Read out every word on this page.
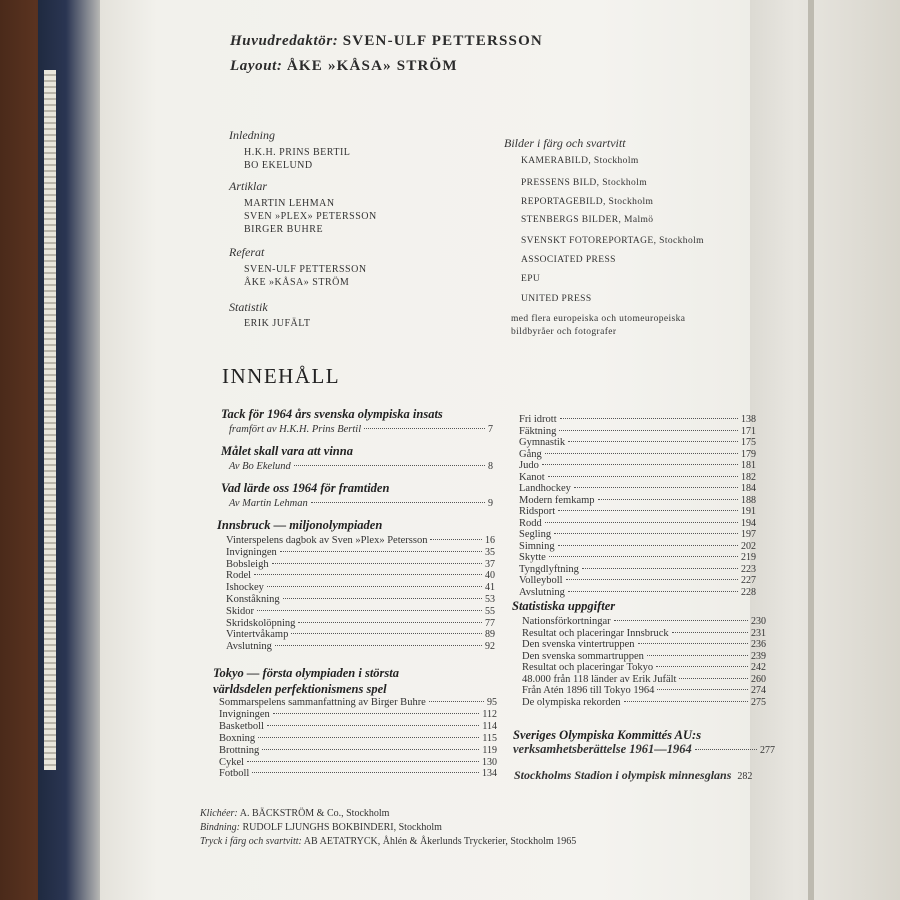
Huvudredaktör: SVEN-ULF PETTERSSON
Layout: ÅKE »KÅSA» STRÖM
Inledning
H.K.H. PRINS BERTIL
BO EKELUND
Artiklar
MARTIN LEHMAN
SVEN »PLEX» PETERSSON
BIRGER BUHRE
Referat
SVEN-ULF PETTERSSON
ÅKE »KÅSA» STRÖM
Statistik
ERIK JUFÄLT
Bilder i färg och svartvitt
KAMERABILD, Stockholm
PRESSENS BILD, Stockholm
REPORTAGEBILD, Stockholm
STENBERGS BILDER, Malmö
SVENSKT FOTOREPORTAGE, Stockholm
ASSOCIATED PRESS
EPU
UNITED PRESS
med flera europeiska och utomeuropeiska
bildbyråer och fotografer
INNEHÅLL
Tack för 1964 års svenska olympiska insats
framfört av H.K.H. Prins Bertil	7
Målet skall vara att vinna
Av Bo Ekelund	8
Vad lärde oss 1964 för framtiden
Av Martin Lehman	9
Innsbruck — miljonolympiaden
Vinterspelens dagbok av Sven »Plex» Petersson	16
Invigningen	35
Bobsleigh	37
Rodel	40
Ishockey	41
Konståkning	53
Skidor	55
Skridskolöpning	77
Vintertvåkamp	89
Avslutning	92
Tokyo — första olympiaden i största
världsdelen perfektionismens spel
Sommarspelens sammanfattning av Birger Buhre	95
Invigningen	112
Basketboll	114
Boxning	115
Brottning	119
Cykel	130
Fotboll	134
Fri idrott	138
Fäktning	171
Gymnastik	175
Gång	179
Judo	181
Kanot	182
Landhockey	184
Modern femkamp	188
Ridsport	191
Rodd	194
Segling	197
Simning	202
Skytte	219
Tyngdlyftning	223
Volleyboll	227
Avslutning	228
Statistiska uppgifter
Nationsförkortningar	230
Resultat och placeringar Innsbruck	231
Den svenska vintertruppen	236
Den svenska sommartruppen	239
Resultat och placeringar Tokyo	242
48.000 från 118 länder av Erik Jufält	260
Från Atén 1896 till Tokyo 1964	274
De olympiska rekorden	275
Sveriges Olympiska Kommittés AU:s
verksamhetsberättelse 1961—1964	277
Stockholms Stadion i olympisk minnesglans 282
Klichéer: A. BÄCKSTRÖM & Co., Stockholm
Bindning: RUDOLF LJUNGHS BOKBINDERI, Stockholm
Tryck i färg och svartvitt: AB AETATRYCK, Åhlén & Åkerlunds Tryckerier, Stockholm 1965
